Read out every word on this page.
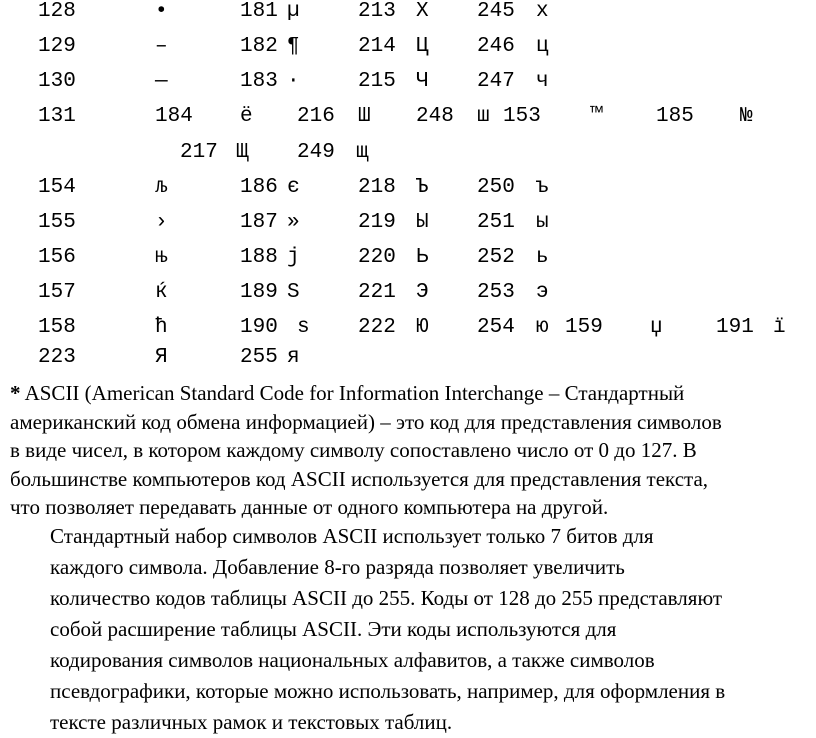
128	•	181 µ	213 Х 245 х
129	–	182 ¶	214 Ц 246 ц
130	—	183 ·	215 Ч 247 ч
131	184 ё 216 Ш 248 ш 153 ™	185 №
217 Щ 249 щ
154	љ	186 є	218 Ъ 250 ъ
155	›	187 »	219 Ы 251 ы
156	њ	188 ј	220 Ь 252 ь
157	ќ	189 Ѕ	221 Э 253 э
158	ћ	190 ѕ 222 Ю 254 ю 159 џ	191 ї
223	Я	255 я

* ASCII (American Standard Code for Information Interchange – Стандартный
американский код обмена информацией) – это код для представления символов
в виде чисел, в котором каждому символу сопоставлено число от 0 до 127. В
большинстве компьютеров код ASCII используется для представления текста,
что позволяет передавать данные от одного компьютера на другой.

Стандартный набор символов ASCII использует только 7 битов для
каждого символа. Добавление 8-го разряда позволяет увеличить
количество кодов таблицы ASCII до 255. Коды от 128 до 255 представляют
собой расширение таблицы ASCII. Эти коды используются для
кодирования символов национальных алфавитов, а также символов
псевдографики, которые можно использовать, например, для оформления в
тексте различных рамок и текстовых таблиц.
